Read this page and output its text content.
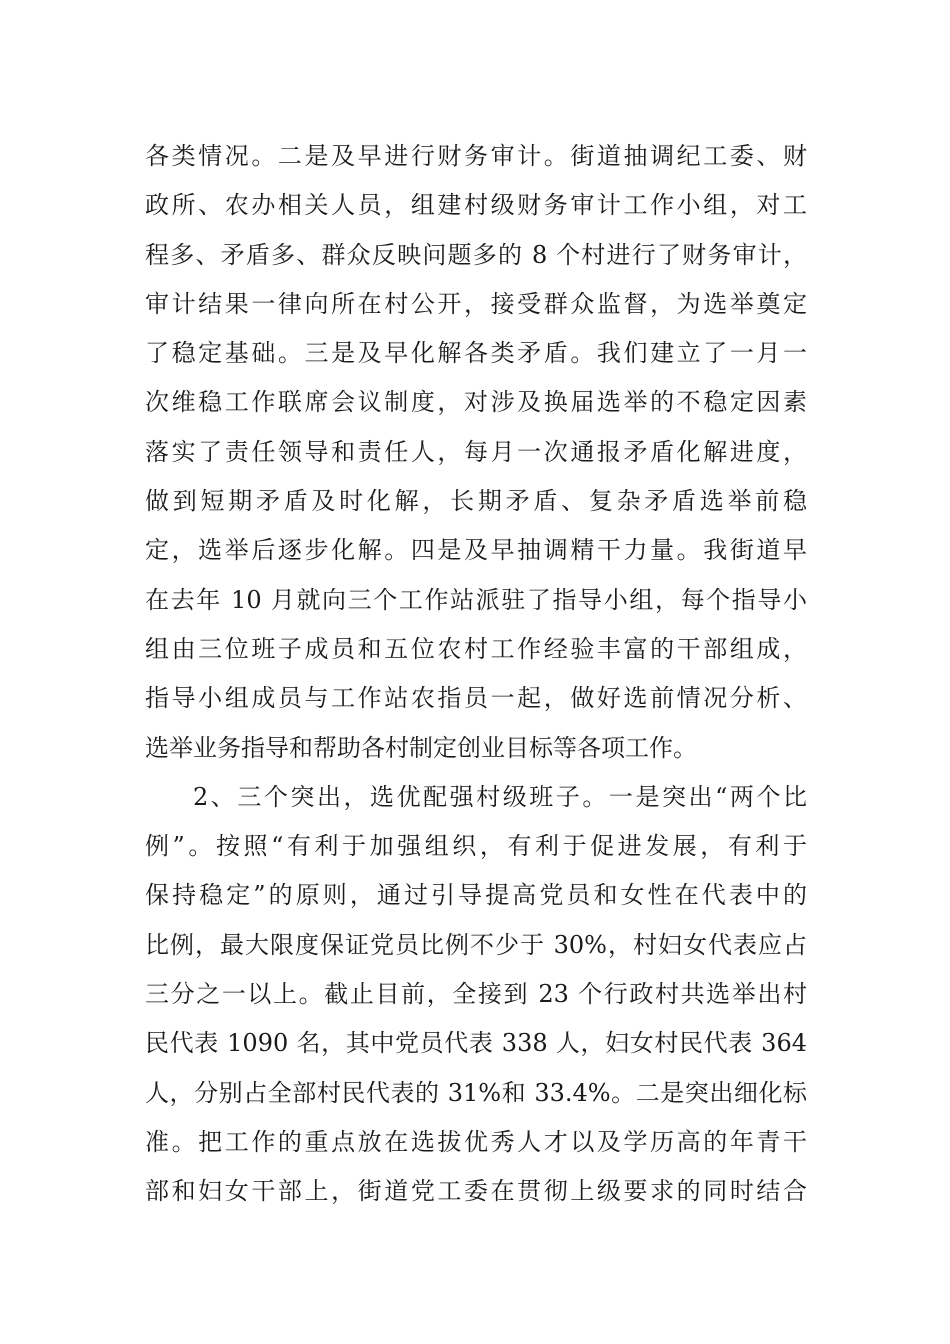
各类情况。二是及早进行财务审计。街道抽调纪工委、财
政所、农办相关人员，组建村级财务审计工作小组，对工
程多、矛盾多、群众反映问题多的 8 个村进行了财务审计，
审计结果一律向所在村公开，接受群众监督，为选举奠定
了稳定基础。三是及早化解各类矛盾。我们建立了一月一
次维稳工作联席会议制度，对涉及换届选举的不稳定因素
落实了责任领导和责任人，每月一次通报矛盾化解进度，
做到短期矛盾及时化解，长期矛盾、复杂矛盾选举前稳
定，选举后逐步化解。四是及早抽调精干力量。我街道早
在去年 10 月就向三个工作站派驻了指导小组，每个指导小
组由三位班子成员和五位农村工作经验丰富的干部组成，
指导小组成员与工作站农指员一起，做好选前情况分析、
选举业务指导和帮助各村制定创业目标等各项工作。
2、三个突出，选优配强村级班子。一是突出“两个比
例”。按照“有利于加强组织，有利于促进发展，有利于
保持稳定”的原则，通过引导提高党员和女性在代表中的
比例，最大限度保证党员比例不少于 30%，村妇女代表应占
三分之一以上。截止目前，全接到 23 个行政村共选举出村
民代表 1090 名，其中党员代表 338 人，妇女村民代表 364
人，分别占全部村民代表的 31%和 33.4%。二是突出细化标
准。把工作的重点放在选拔优秀人才以及学历高的年青干
部和妇女干部上，街道党工委在贯彻上级要求的同时结合
